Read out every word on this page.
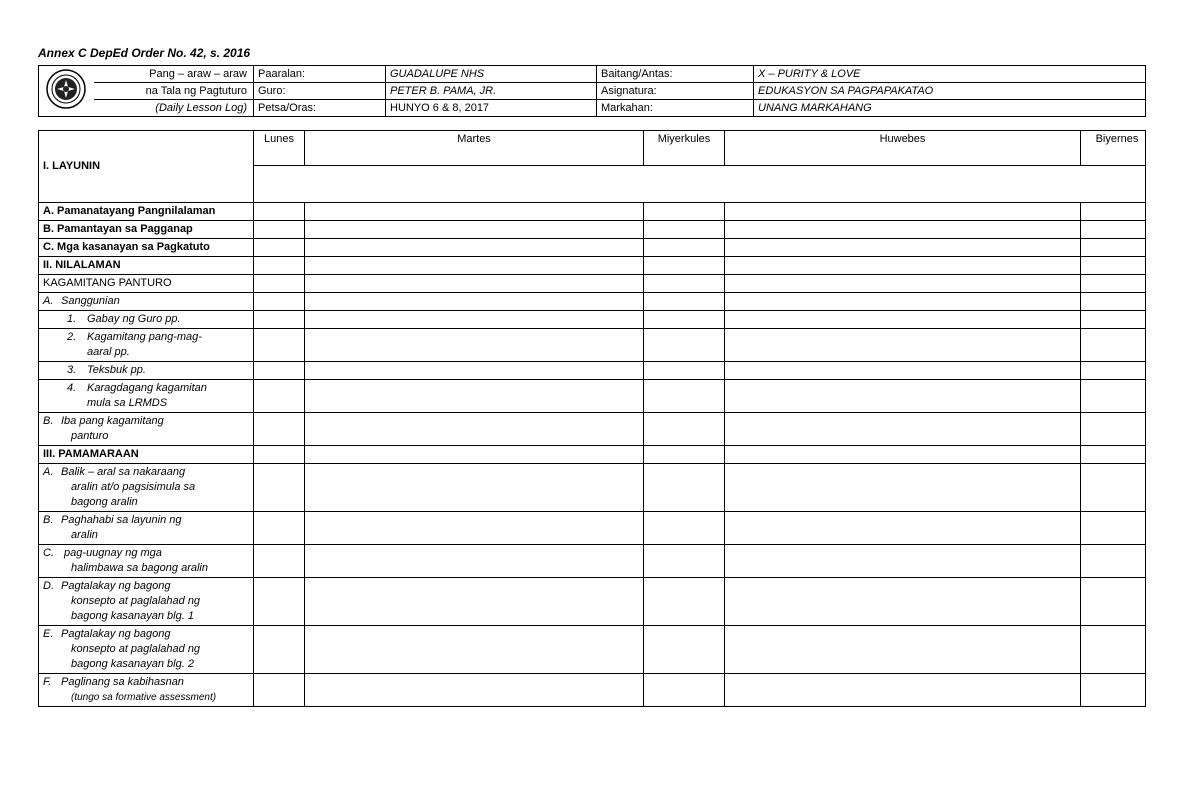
Annex C DepEd Order No. 42, s. 2016
	Pang – araw – araw	Paaralan:	GUADALUPE NHS	Baitang/Antas:	X – PURITY & LOVE
	na Tala ng Pagtuturo	Guro:	PETER B. PAMA, JR.	Asignatura:	EDUKASYON SA PAGPAPAKATAO
	(Daily Lesson Log)	Petsa/Oras:	HUNYO 6 & 8, 2017	Markahan:	UNANG MARKAHANG
I. LAYUNIN	Lunes	Martes	Miyerkules	Huwebes	Biyernes

A. Pamanatayang Pangnilalaman					
B. Pamantayan sa Pagganap					
C. Mga kasanayan sa Pagkatuto					
II. NILALAMAN					
KAGAMITANG PANTURO					
A. Sanggunian					
1. Gabay ng Guro pp.					
2. Kagamitang pang-mag-
aaral pp.					

3. Teksbuk pp.					
4. Karagdagang kagamitan
mula sa LRMDS					

B. Iba pang kagamitang
panturo					

III. PAMAMARAAN					
A. Balik – aral sa nakaraang
aralin at/o pagsisimula sa
bagong aralin					

B. Paghahabi sa layunin ng
aralin					

C. pag-uugnay ng mga
halimbawa sa bagong aralin					

D. Pagtalakay ng bagong
konsepto at paglalahad ng
bagong kasanayan blg. 1					

E. Pagtalakay ng bagong
konsepto at paglalahad ng
bagong kasanayan blg. 2					

F. Paglinang sa kabihasnan
(tungo sa formative assessment)					
